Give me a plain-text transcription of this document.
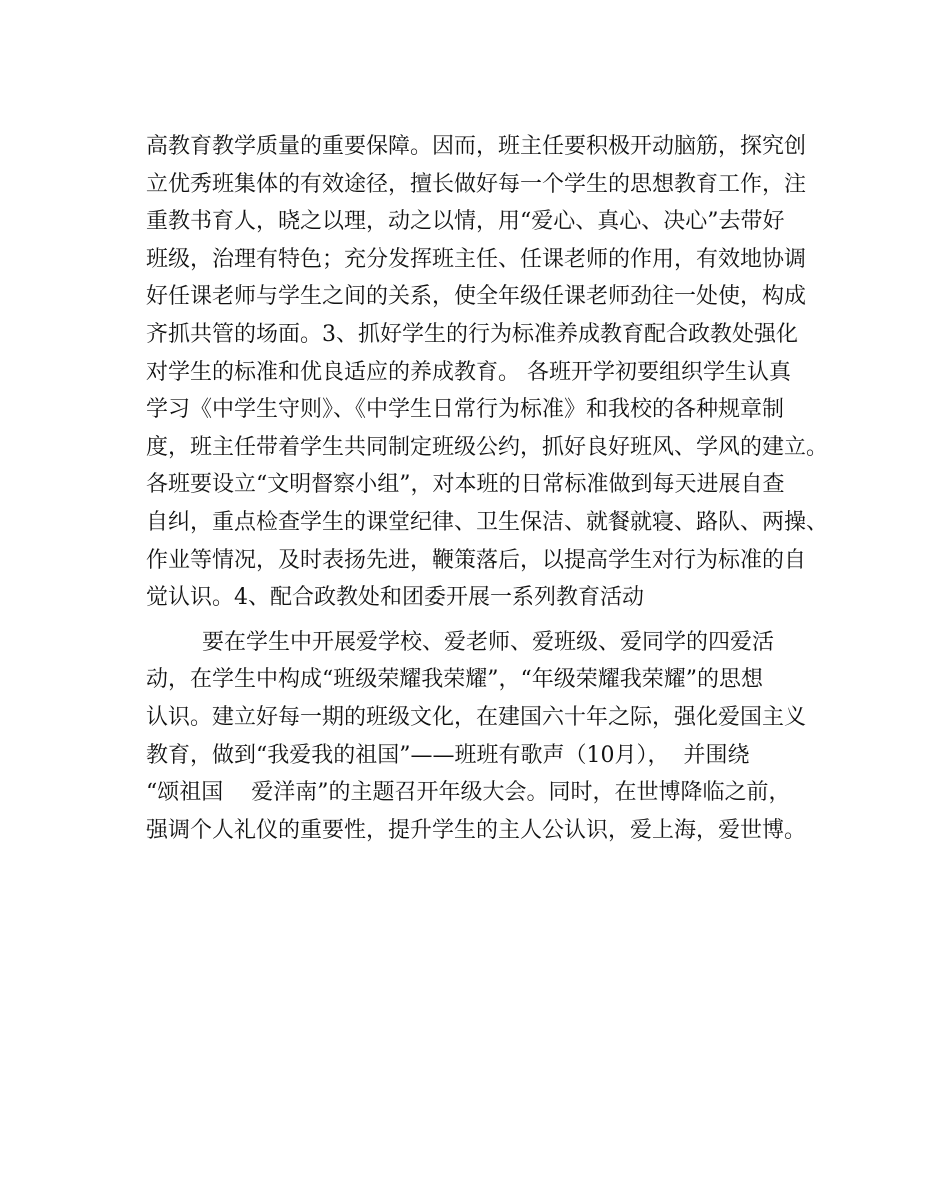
高教育教学质量的重要保障。因而，班主任要积极开动脑筋，探究创

立优秀班集体的有效途径，擅长做好每一个学生的思想教育工作，注

重教书育人，晓之以理，动之以情，用“爱心、真心、决心”去带好

班级，治理有特色；充分发挥班主任、任课老师的作用，有效地协调

好任课老师与学生之间的关系，使全年级任课老师劲往一处使，构成

齐抓共管的场面。3、抓好学生的行为标准养成教育配合政教处强化

对学生的标准和优良适应的养成教育。 各班开学初要组织学生认真

学习《中学生守则》、《中学生日常行为标准》和我校的各种规章制

度，班主任带着学生共同制定班级公约，抓好良好班风、学风的建立。

各班要设立“文明督察小组”，对本班的日常标准做到每天进展自查

自纠，重点检查学生的课堂纪律、卫生保洁、就餐就寝、路队、两操、

作业等情况，及时表扬先进，鞭策落后，以提高学生对行为标准的自

觉认识。4、配合政教处和团委开展一系列教育活动

要在学生中开展爱学校、爱老师、爱班级、爱同学的四爱活

动，在学生中构成“班级荣耀我荣耀”，“年级荣耀我荣耀”的思想

认识。建立好每一期的班级文化，在建国六十年之际，强化爱国主义

教育，做到“我爱我的祖国”——班班有歌声（10月），  并围绕

“颂祖国    爱洋南”的主题召开年级大会。同时，在世博降临之前，

强调个人礼仪的重要性，提升学生的主人公认识，爱上海，爱世博。
